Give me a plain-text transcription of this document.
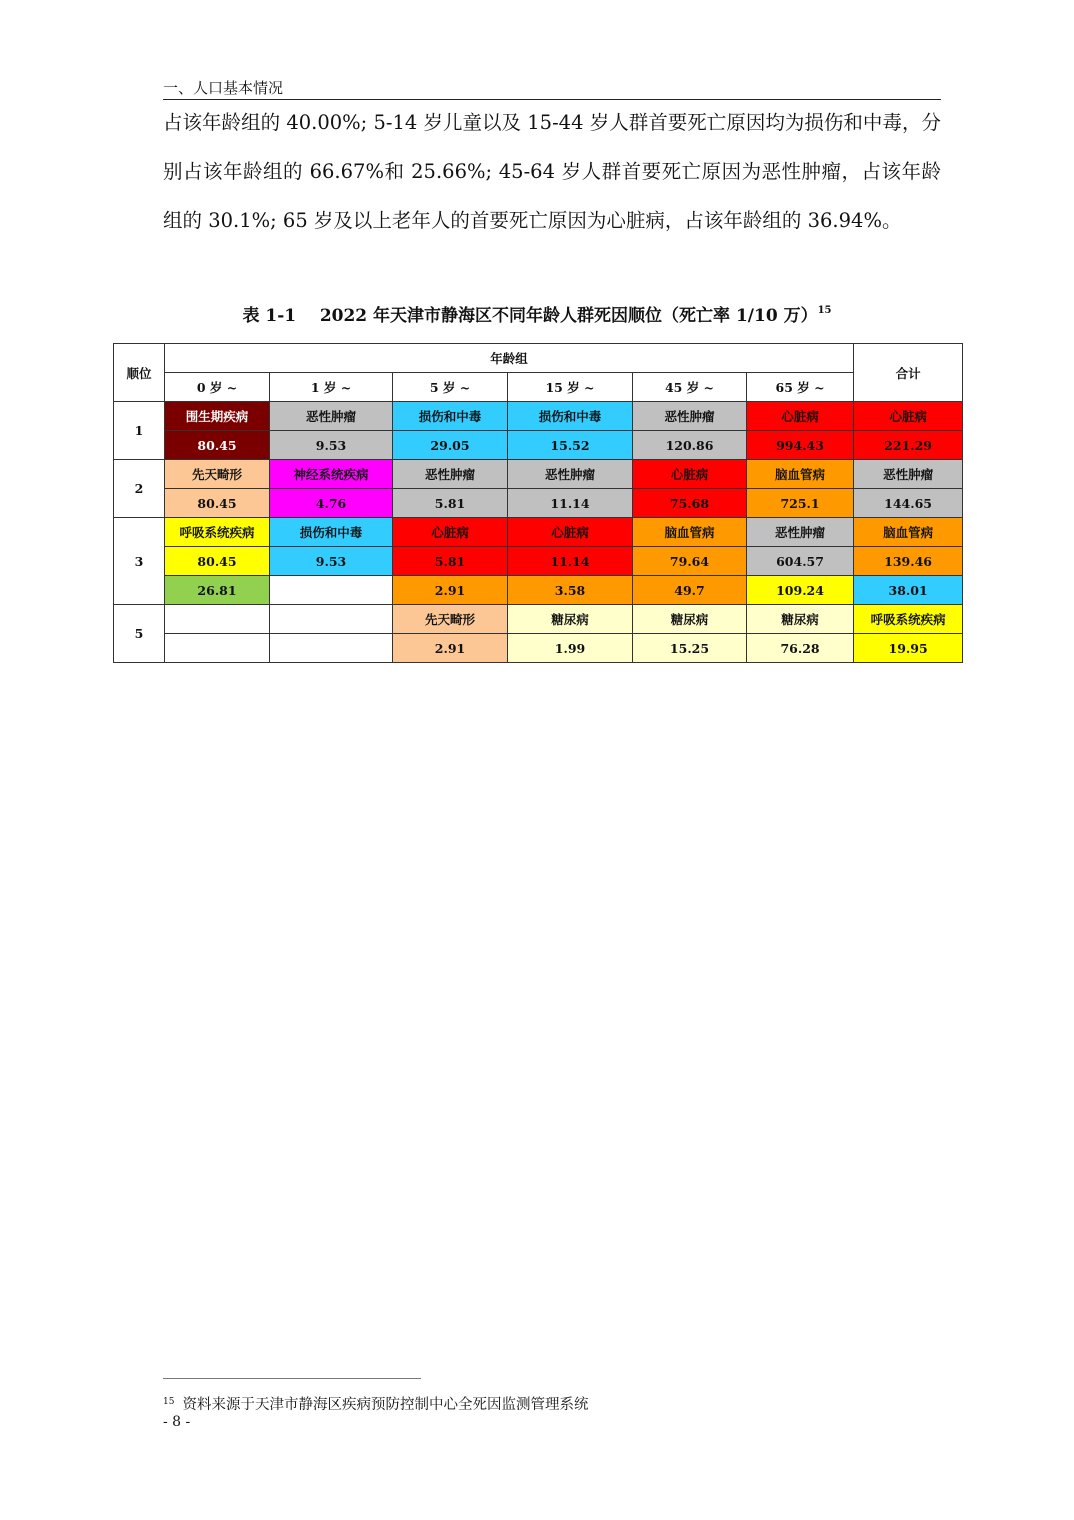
一、人口基本情况

占该年龄组的 40.00%; 5-14 岁儿童以及 15-44 岁人群首要死亡原因均为损伤和中毒，分别占该年龄组的 66.67%和 25.66%; 45-64 岁人群首要死亡原因为恶性肿瘤，占该年龄组的 30.1%; 65 岁及以上老年人的首要死亡原因为心脏病，占该年龄组的 36.94%。

表 1-1 2022 年天津市静海区不同年龄人群死因顺位（死亡率 1/10 万）$^{15}$
顺位	年龄组						合计
	0 岁 ~	1 岁 ~	5 岁 ~	15 岁 ~	45 岁 ~	65 岁 ~	
1	围生期疾病	恶性肿瘤	损伤和中毒	损伤和中毒	恶性肿瘤	心脏病	心脏病
	80.45	9.53	29.05	15.52	120.86	994.43	221.29
2	先天畸形	神经系统疾病	恶性肿瘤	恶性肿瘤	心脏病	脑血管病	恶性肿瘤
	80.45	4.76	5.81	11.14	75.68	725.1	144.65
3	呼吸系统疾病	损伤和中毒	心脏病	心脏病	脑血管病	恶性肿瘤	脑血管病
	80.45	9.53	5.81	11.14	79.64	604.57	139.46
	26.81		2.91	3.58	49.7	109.24	38.01
5			先天畸形	糖尿病	糖尿病	糖尿病	呼吸系统疾病
			2.91	1.99	15.25	76.28	19.95
$^{15}$ 资料来源于天津市静海区疾病预防控制中心全死因监测管理系统
- 8 -
